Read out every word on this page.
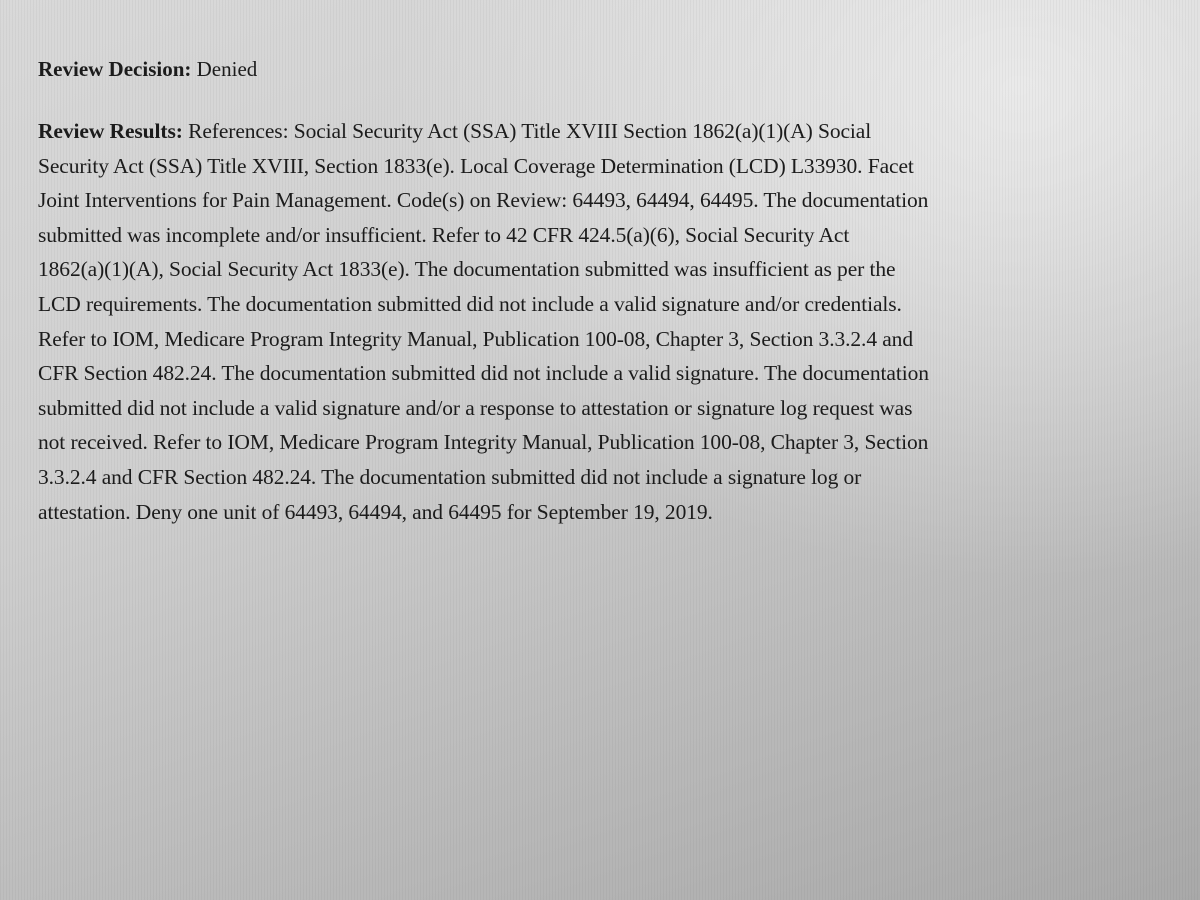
Review Decision: Denied
Review Results: References: Social Security Act (SSA) Title XVIII Section 1862(a)(1)(A) Social
Security Act (SSA) Title XVIII, Section 1833(e). Local Coverage Determination (LCD) L33930. Facet
Joint Interventions for Pain Management. Code(s) on Review: 64493, 64494, 64495. The documentation
submitted was incomplete and/or insufficient. Refer to 42 CFR 424.5(a)(6), Social Security Act
1862(a)(1)(A), Social Security Act 1833(e). The documentation submitted was insufficient as per the
LCD requirements. The documentation submitted did not include a valid signature and/or credentials.
Refer to IOM, Medicare Program Integrity Manual, Publication 100-08, Chapter 3, Section 3.3.2.4 and
CFR Section 482.24. The documentation submitted did not include a valid signature. The documentation
submitted did not include a valid signature and/or a response to attestation or signature log request was
not received. Refer to IOM, Medicare Program Integrity Manual, Publication 100-08, Chapter 3, Section
3.3.2.4 and CFR Section 482.24. The documentation submitted did not include a signature log or
attestation. Deny one unit of 64493, 64494, and 64495 for September 19, 2019.
